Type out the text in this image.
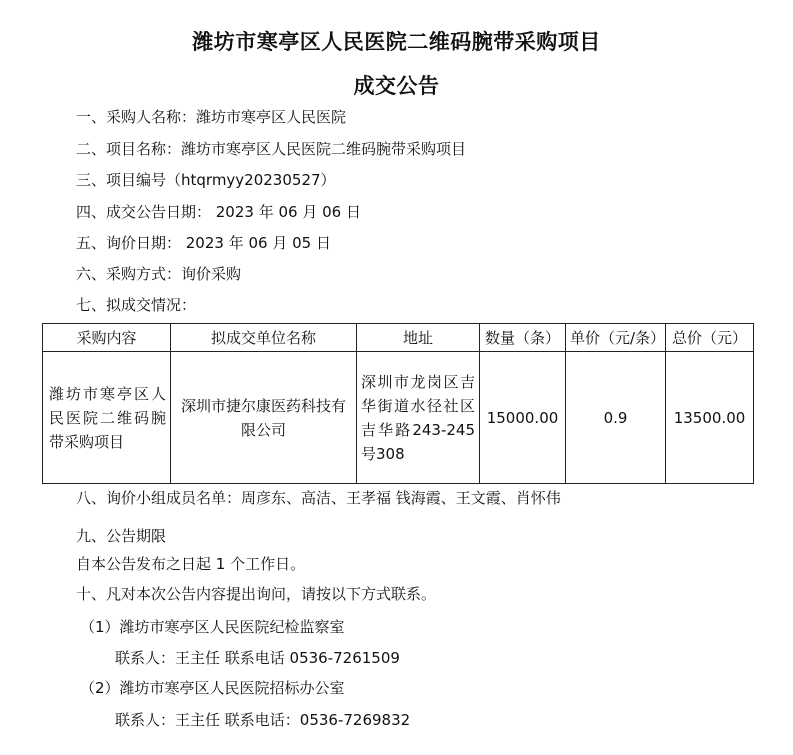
潍坊市寒亭区人民医院二维码腕带采购项目
成交公告
一、采购人名称：潍坊市寒亭区人民医院
二、项目名称：潍坊市寒亭区人民医院二维码腕带采购项目
三、项目编号（htqrmyy20230527）
四、成交公告日期： 2023 年 06 月 06 日
五、询价日期： 2023 年 06 月 05 日
六、采购方式：询价采购
七、拟成交情况：
采购内容	拟成交单位名称	地址	数量（条）	单价（元/条）	总价（元）
潍坊市寒亭区人民医院二维码腕带采购项目	深圳市捷尔康医药科技有限公司	深圳市龙岗区吉华街道水径社区吉华路243-245号308	15000.00	0.9	13500.00
八、询价小组成员名单：周彦东、高洁、王孝福 钱海霞、王文霞、肖怀伟
九、公告期限
自本公告发布之日起 1 个工作日。
十、凡对本次公告内容提出询问，请按以下方式联系。
（1）潍坊市寒亭区人民医院纪检监察室
联系人：王主任 联系电话 0536-7261509
（2）潍坊市寒亭区人民医院招标办公室
联系人：王主任 联系电话：0536-7269832
